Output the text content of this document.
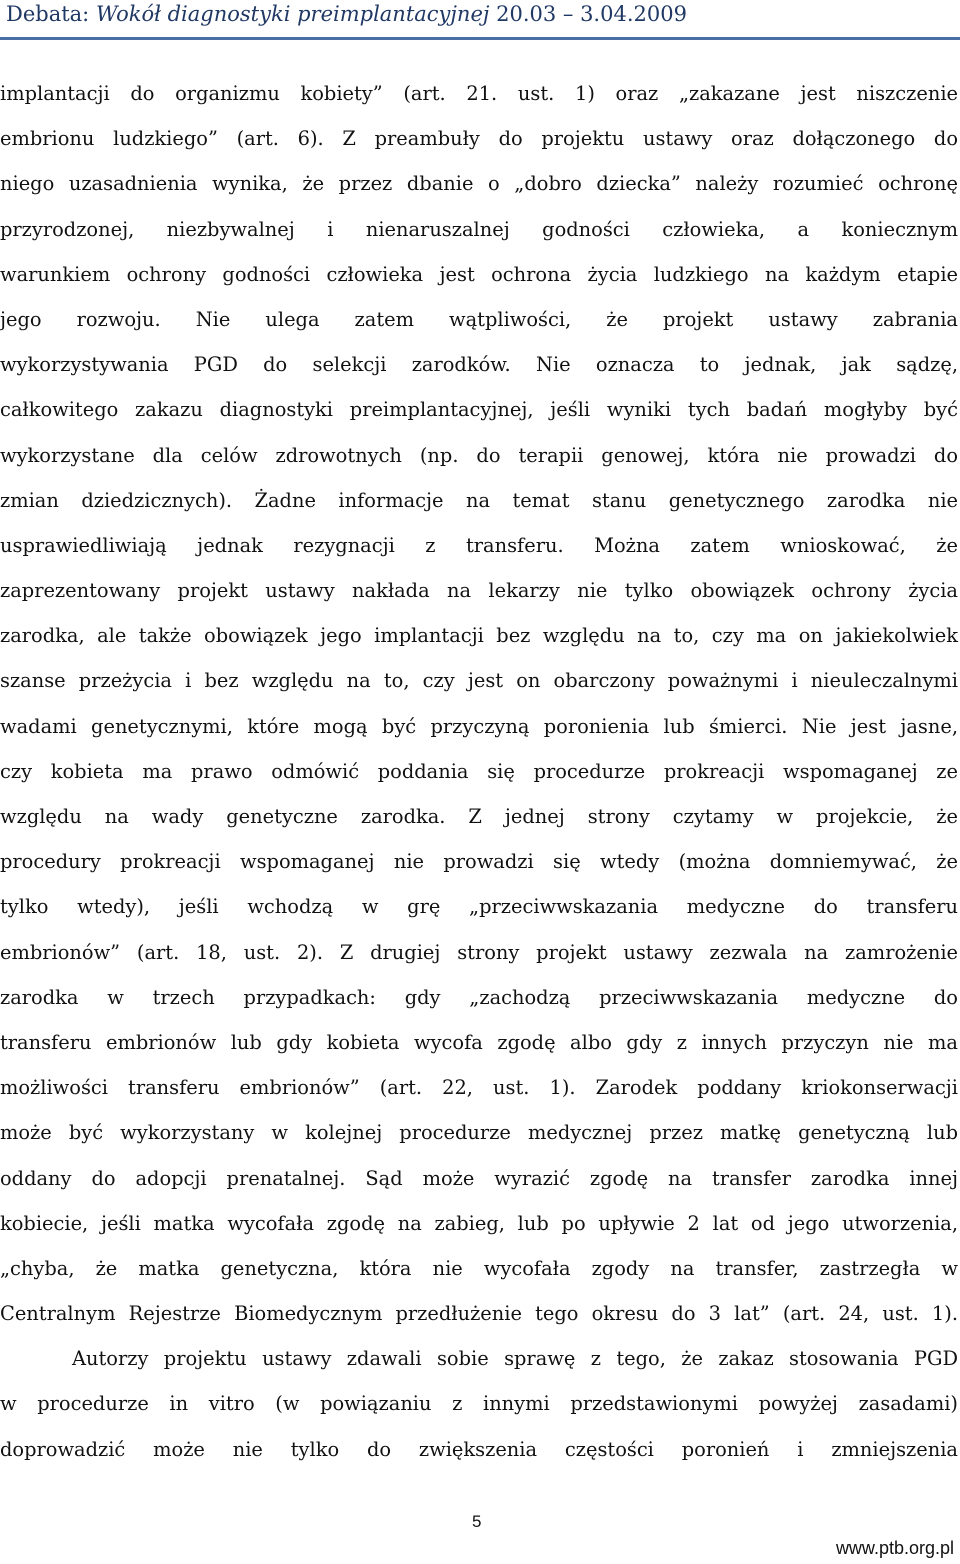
Debata: Wokół diagnostyki preimplantacyjnej 20.03 – 3.04.2009
implantacji do organizmu kobiety” (art. 21. ust. 1) oraz „zakazane jest niszczenie
embrionu ludzkiego” (art. 6). Z preambuły do projektu ustawy oraz dołączonego do
niego uzasadnienia wynika, że przez dbanie o „dobro dziecka” należy rozumieć ochronę
przyrodzonej, niezbywalnej i nienaruszalnej godności człowieka, a koniecznym
warunkiem ochrony godności człowieka jest ochrona życia ludzkiego na każdym etapie
jego rozwoju. Nie ulega zatem wątpliwości, że projekt ustawy zabrania
wykorzystywania PGD do selekcji zarodków. Nie oznacza to jednak, jak sądzę,
całkowitego zakazu diagnostyki preimplantacyjnej, jeśli wyniki tych badań mogłyby być
wykorzystane dla celów zdrowotnych (np. do terapii genowej, która nie prowadzi do
zmian dziedzicznych). Żadne informacje na temat stanu genetycznego zarodka nie
usprawiedliwiają jednak rezygnacji z transferu. Można zatem wnioskować, że
zaprezentowany projekt ustawy nakłada na lekarzy nie tylko obowiązek ochrony życia
zarodka, ale także obowiązek jego implantacji bez względu na to, czy ma on jakiekolwiek
szanse przeżycia i bez względu na to, czy jest on obarczony poważnymi i nieuleczalnymi
wadami genetycznymi, które mogą być przyczyną poronienia lub śmierci. Nie jest jasne,
czy kobieta ma prawo odmówić poddania się procedurze prokreacji wspomaganej ze
względu na wady genetyczne zarodka. Z jednej strony czytamy w projekcie, że
procedury prokreacji wspomaganej nie prowadzi się wtedy (można domniemywać, że
tylko wtedy), jeśli wchodzą w grę „przeciwwskazania medyczne do transferu
embrionów” (art. 18, ust. 2). Z drugiej strony projekt ustawy zezwala na zamrożenie
zarodka w trzech przypadkach: gdy „zachodzą przeciwwskazania medyczne do
transferu embrionów lub gdy kobieta wycofa zgodę albo gdy z innych przyczyn nie ma
możliwości transferu embrionów” (art. 22, ust. 1). Zarodek poddany kriokonserwacji
może być wykorzystany w kolejnej procedurze medycznej przez matkę genetyczną lub
oddany do adopcji prenatalnej. Sąd może wyrazić zgodę na transfer zarodka innej
kobiecie, jeśli matka wycofała zgodę na zabieg, lub po upływie 2 lat od jego utworzenia,
„chyba, że matka genetyczna, która nie wycofała zgody na transfer, zastrzegła w
Centralnym Rejestrze Biomedycznym przedłużenie tego okresu do 3 lat” (art. 24, ust. 1).
Autorzy projektu ustawy zdawali sobie sprawę z tego, że zakaz stosowania PGD
w procedurze in vitro (w powiązaniu z innymi przedstawionymi powyżej zasadami)
doprowadzić może nie tylko do zwiększenia częstości poronień i zmniejszenia
5
www.ptb.org.pl
